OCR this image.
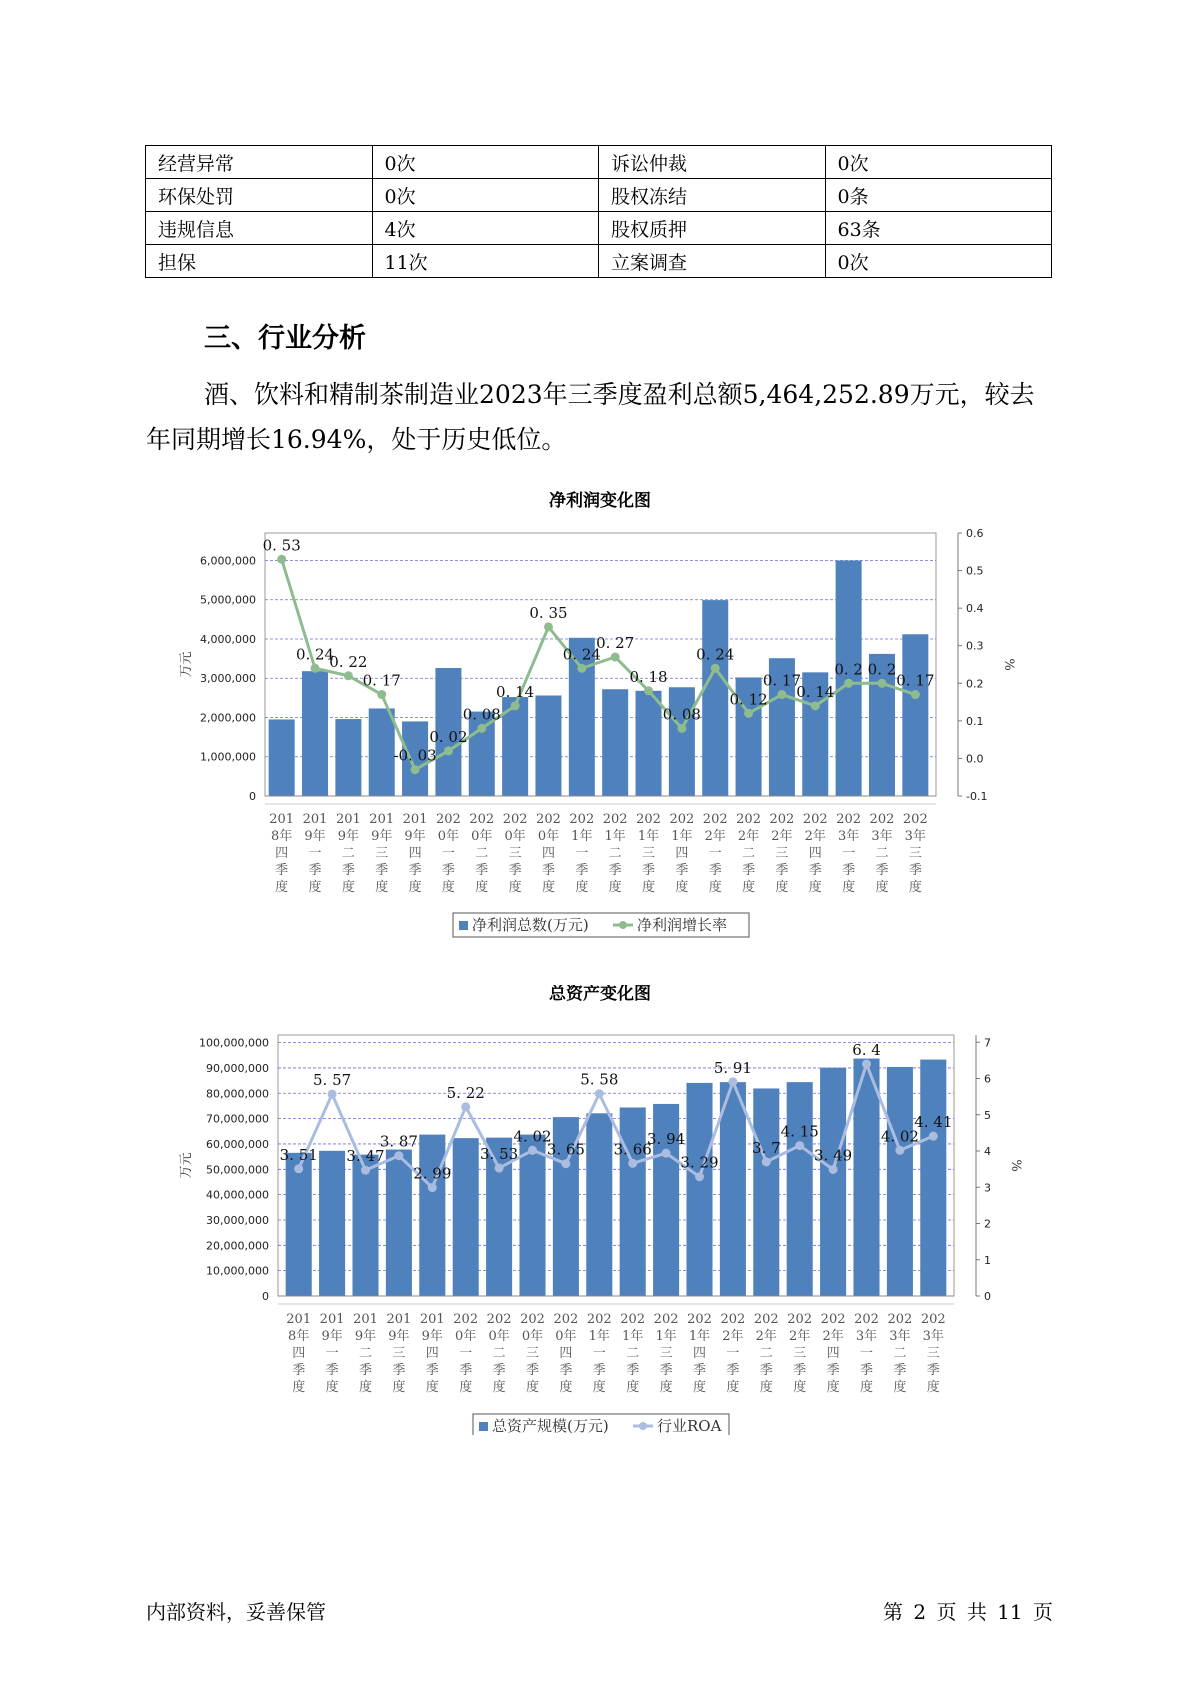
经营异常	0次	诉讼仲裁	0次
环保处罚	0次	股权冻结	0条
违规信息	4次	股权质押	63条
担保	11次	立案调查	0次
三、行业分析

酒、饮料和精制茶制造业2023年三季度盈利总额5,464,252.89万元，较去年同期增长16.94%，处于历史低位。

净利润变化图
0
1,000,000
2,000,000
3,000,000
4,000,000
5,000,000
6,000,000
-0.1
0.0
0.1
0.2
0.3
0.4
0.5
0.6
万元	%
0. 53
0. 24
0. 22
0. 17
-0. 03
0. 02
0. 08
0. 14
0. 35
0. 24
0. 27
0. 18
0. 08
0. 24
0. 12
0. 17
0. 14
0. 2 0. 2
0. 17
201
8年
四
季
度
201
9年
一
季
度
201
9年
二
季
度
201
9年
三
季
度
201
9年
四
季
度
202
0年
一
季
度
202
0年
二
季
度
202
0年
三
季
度
202
0年
四
季
度
202
1年
一
季
度
202
1年
二
季
度
202
1年
三
季
度
202
1年
四
季
度
202
2年
一
季
度
202
2年
二
季
度
202
2年
三
季
度
202
2年
四
季
度
202
3年
一
季
度
202
3年
二
季
度
202
3年
三
季
度
净利润总数(万元)	净利润增长率
总资产变化图
0
10,000,000
20,000,000
30,000,000
40,000,000
50,000,000
60,000,000
70,000,000
80,000,000
90,000,000
100,000,000
0
1
2
3
4
5
6
7
万元	%
3. 51
5. 57
3. 47
3. 87
2. 99
5. 22
3. 53
4. 02
3. 65
5. 58
3. 66
3. 94
3. 29
5. 91
3. 7
4. 15
3. 49
6. 4
4. 02
4. 41
201
8年
四
季
度
201
9年
一
季
度
201
9年
二
季
度
201
9年
三
季
度
201
9年
四
季
度
202
0年
一
季
度
202
0年
二
季
度
202
0年
三
季
度
202
0年
四
季
度
202
1年
一
季
度
202
1年
二
季
度
202
1年
三
季
度
202
1年
四
季
度
202
2年
一
季
度
202
2年
二
季
度
202
2年
三
季
度
202
2年
四
季
度
202
3年
一
季
度
202
3年
二
季
度
202
3年
三
季
度
总资产规模(万元)	行业ROA

内部资料，妥善保管	第 2 页 共 11 页
